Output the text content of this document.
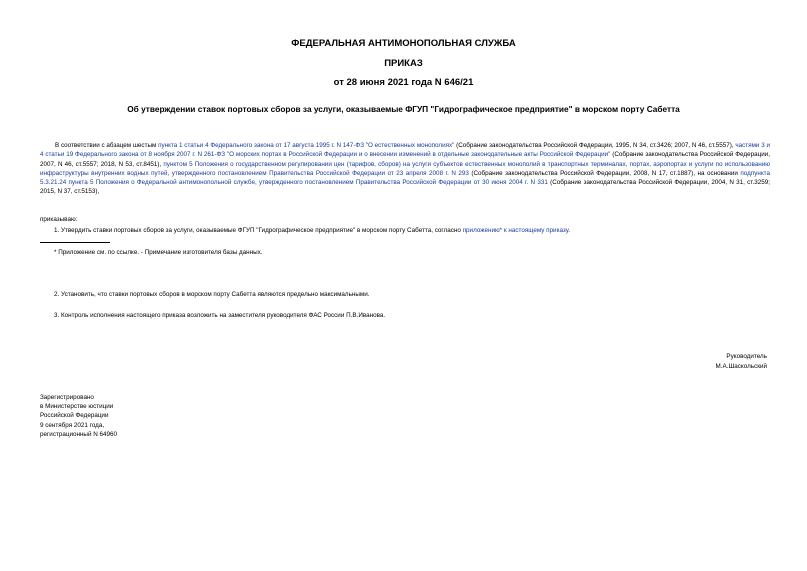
ФЕДЕРАЛЬНАЯ АНТИМОНОПОЛЬНАЯ СЛУЖБА
ПРИКАЗ
от 28 июня 2021 года N 646/21
Об утверждении ставок портовых сборов за услуги, оказываемые ФГУП "Гидрографическое предприятие" в морском порту Сабетта
В соответствии с абзацем шестым пункта 1 статьи 4 Федерального закона от 17 августа 1995 г. N 147-ФЗ "О естественных монополиях" (Собрание законодательства Российской Федерации, 1995, N 34, ст.3426; 2007, N 46, ст.5557), частями 3 и 4 статьи 19 Федерального закона от 8 ноября 2007 г. N 261-ФЗ "О морских портах в Российской Федерации и о внесении изменений в отдельные законодательные акты Российской Федерации" (Собрание законодательства Российской Федерации, 2007, N 46, ст.5557; 2018, N 53, ст.8451), пунктом 5 Положения о государственном регулировании цен (тарифов, сборов) на услуги субъектов естественных монополий в транспортных терминалах, портах, аэропортах и услуги по использованию инфраструктуры внутренних водных путей, утвержденного постановлением Правительства Российской Федерации от 23 апреля 2008 г. N 293 (Собрание законодательства Российской Федерации, 2008, N 17, ст.1887), на основании подпункта 5.3.21.24 пункта 5 Положения о Федеральной антимонопольной службе, утвержденного постановлением Правительства Российской Федерации от 30 июня 2004 г. N 331 (Собрание законодательства Российской Федерации, 2004, N 31, ст.3259; 2015, N 37, ст.5153),
приказываю:
1. Утвердить ставки портовых сборов за услуги, оказываемые ФГУП "Гидрографическое предприятие" в морском порту Сабетта, согласно приложению* к настоящему приказу.
* Приложение см. по ссылке. - Примечание изготовителя базы данных.
2. Установить, что ставки портовых сборов в морском порту Сабетта являются предельно максимальными.
3. Контроль исполнения настоящего приказа возложить на заместителя руководителя ФАС России П.В.Иванова.
Руководитель
М.А.Шаскольский
Зарегистрировано
в Министерстве юстиции
Российской Федерации
9 сентября 2021 года,
регистрационный N 64960
